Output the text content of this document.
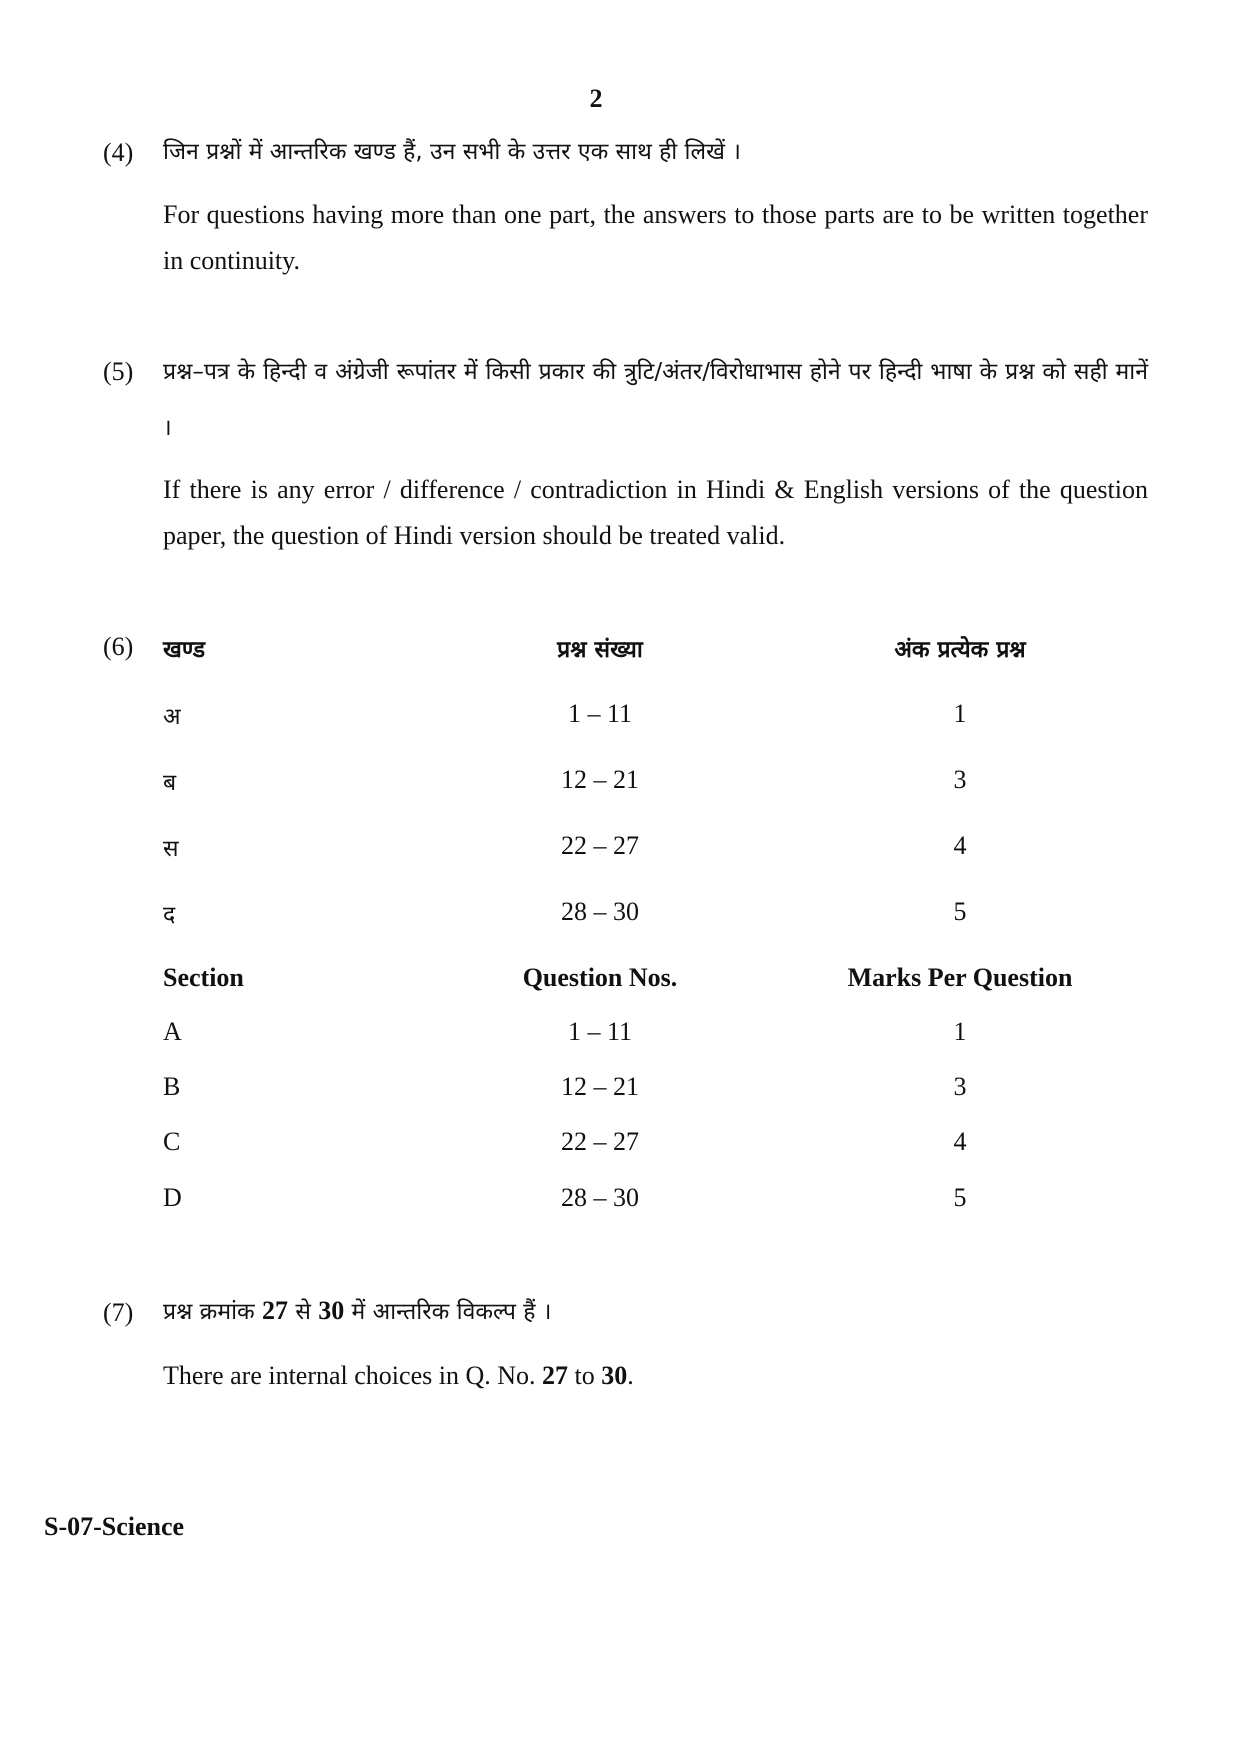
2
(4) जिन प्रश्नों में आन्तरिक खण्ड हैं, उन सभी के उत्तर एक साथ ही लिखें ।
For questions having more than one part, the answers to those parts are to be written together in continuity.
(5) प्रश्न–पत्र के हिन्दी व अंग्रेजी रूपांतर में किसी प्रकार की त्रुटि/अंतर/विरोधाभास होने पर हिन्दी भाषा के प्रश्न को सही मानें ।
If there is any error / difference / contradiction in Hindi & English versions of the question paper, the question of Hindi version should be treated valid.
(6) खण्ड	प्रश्न संख्या	अंक प्रत्येक प्रश्न
अ	1 – 11	1
ब	12 – 21	3
स	22 – 27	4
द	28 – 30	5
Section	Question Nos.	Marks Per Question
A	1 – 11	1
B	12 – 21	3
C	22 – 27	4
D	28 – 30	5
(7) प्रश्न क्रमांक 27 से 30 में आन्तरिक विकल्प हैं ।
There are internal choices in Q. No. 27 to 30.
S-07-Science
